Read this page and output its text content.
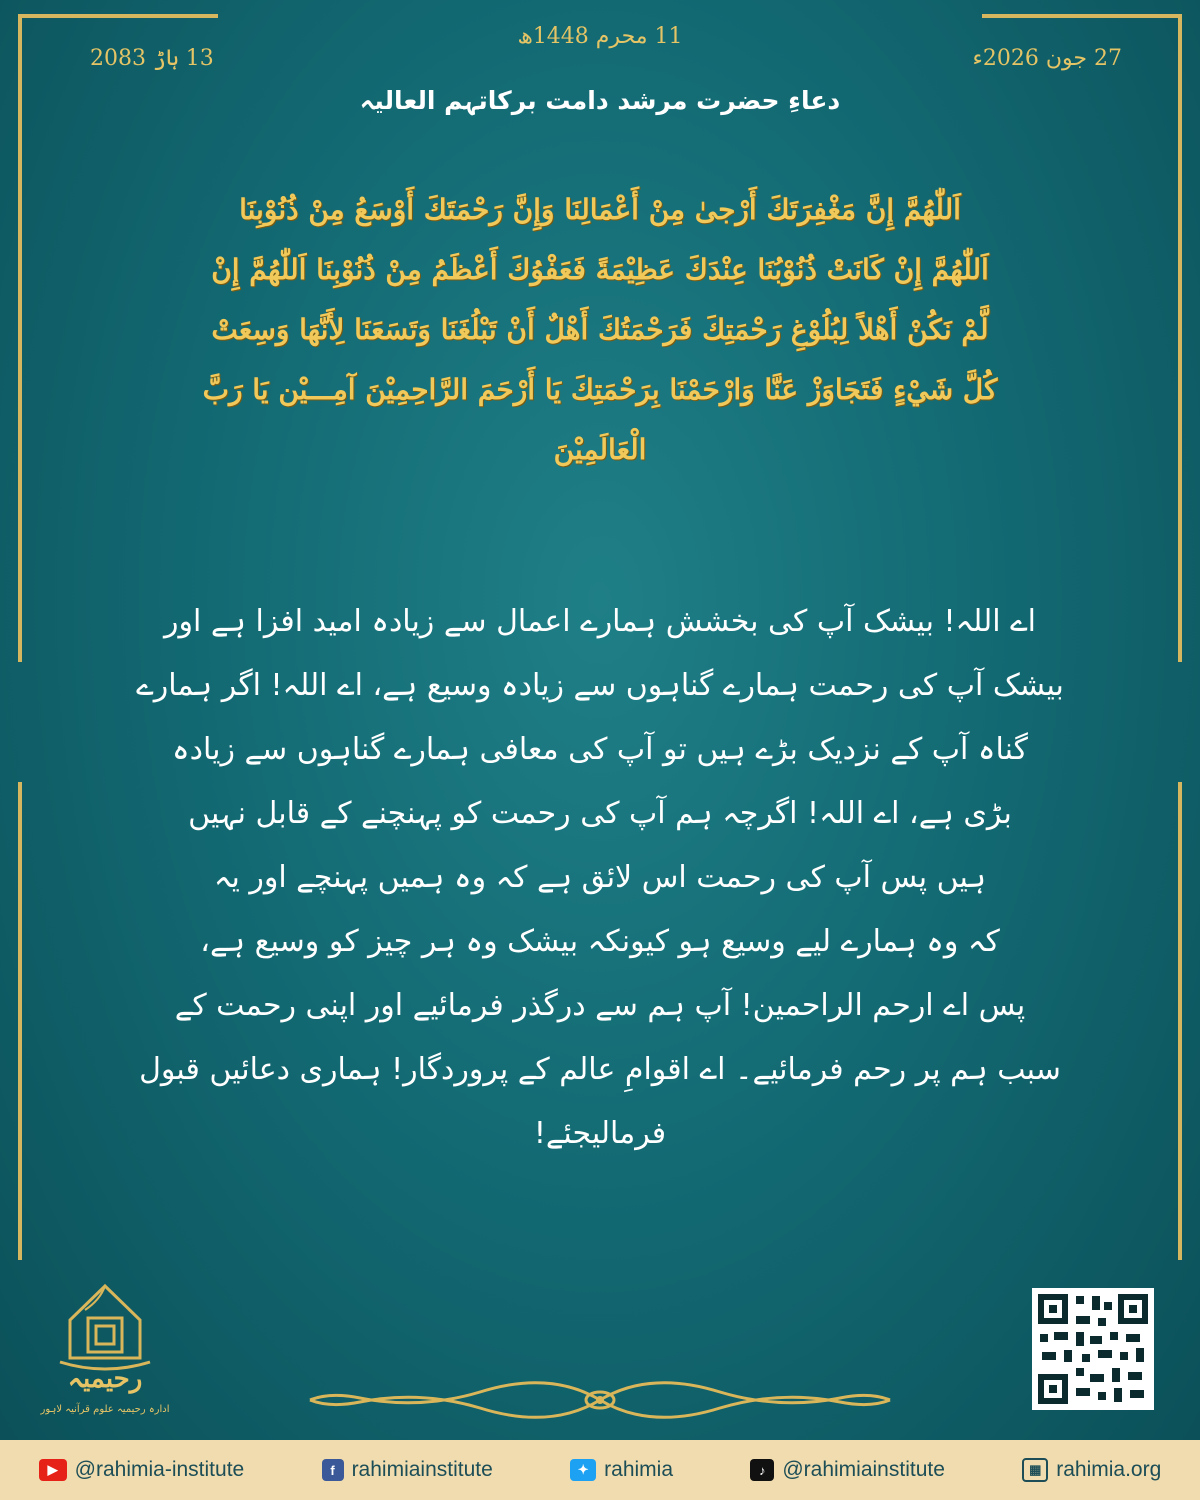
11 محرم 1448ھ
27 جون 2026ء
13 ہاڑ 2083
دعاءِ حضرت مرشد دامت برکاتہم العالیہ
اَللّٰهُمَّ إِنَّ مَغْفِرَتَكَ أَرْجىٰ مِنْ أَعْمَالِنَا وَإِنَّ رَحْمَتَكَ أَوْسَعُ مِنْ ذُنُوْبِنَا
اَللّٰهُمَّ إِنْ كَانَتْ ذُنُوْبُنَا عِنْدَكَ عَظِيْمَةً فَعَفْوُكَ أَعْظَمُ مِنْ ذُنُوْبِنَا اَللّٰهُمَّ إِنْ
لَّمْ نَكُنْ أَهْلاً لِبُلُوْغِ رَحْمَتِكَ فَرَحْمَتُكَ أَهْلٌ أَنْ تَبْلُغَنَا وَتَسَعَنَا لِأَنَّهَا وَسِعَتْ
كُلَّ شَيْءٍ فَتَجَاوَزْ عَنَّا وَارْحَمْنَا بِرَحْمَتِكَ يَا أَرْحَمَ الرَّاحِمِيْنَ آمِـــيْن يَا رَبَّ
الْعَالَمِيْنَ
اے اللہ! بیشک آپ کی بخشش ہمارے اعمال سے زیادہ امید افزا ہے اور
بیشک آپ کی رحمت ہمارے گناہوں سے زیادہ وسیع ہے، اے اللہ! اگر ہمارے
گناہ آپ کے نزدیک بڑے ہیں تو آپ کی معافی ہمارے گناہوں سے زیادہ
بڑی ہے، اے اللہ! اگرچہ ہم آپ کی رحمت کو پہنچنے کے قابل نہیں
ہیں پس آپ کی رحمت اس لائق ہے کہ وہ ہمیں پہنچے اور یہ
کہ وہ ہمارے لیے وسیع ہو کیونکہ بیشک وہ ہر چیز کو وسیع ہے،
پس اے ارحم الراحمین! آپ ہم سے درگذر فرمائیے اور اپنی رحمت کے
سبب ہم پر رحم فرمائیے۔ اے اقوامِ عالم کے پروردگار! ہماری دعائیں قبول
فرمالیجئے!
رحیمیہ
ادارہ رحیمیہ علوم قرآنیہ لاہور
▶ @rahimia-institute	f rahimiainstitute	✦ rahimia	♪ @rahimiainstitute	▦ rahimia.org
